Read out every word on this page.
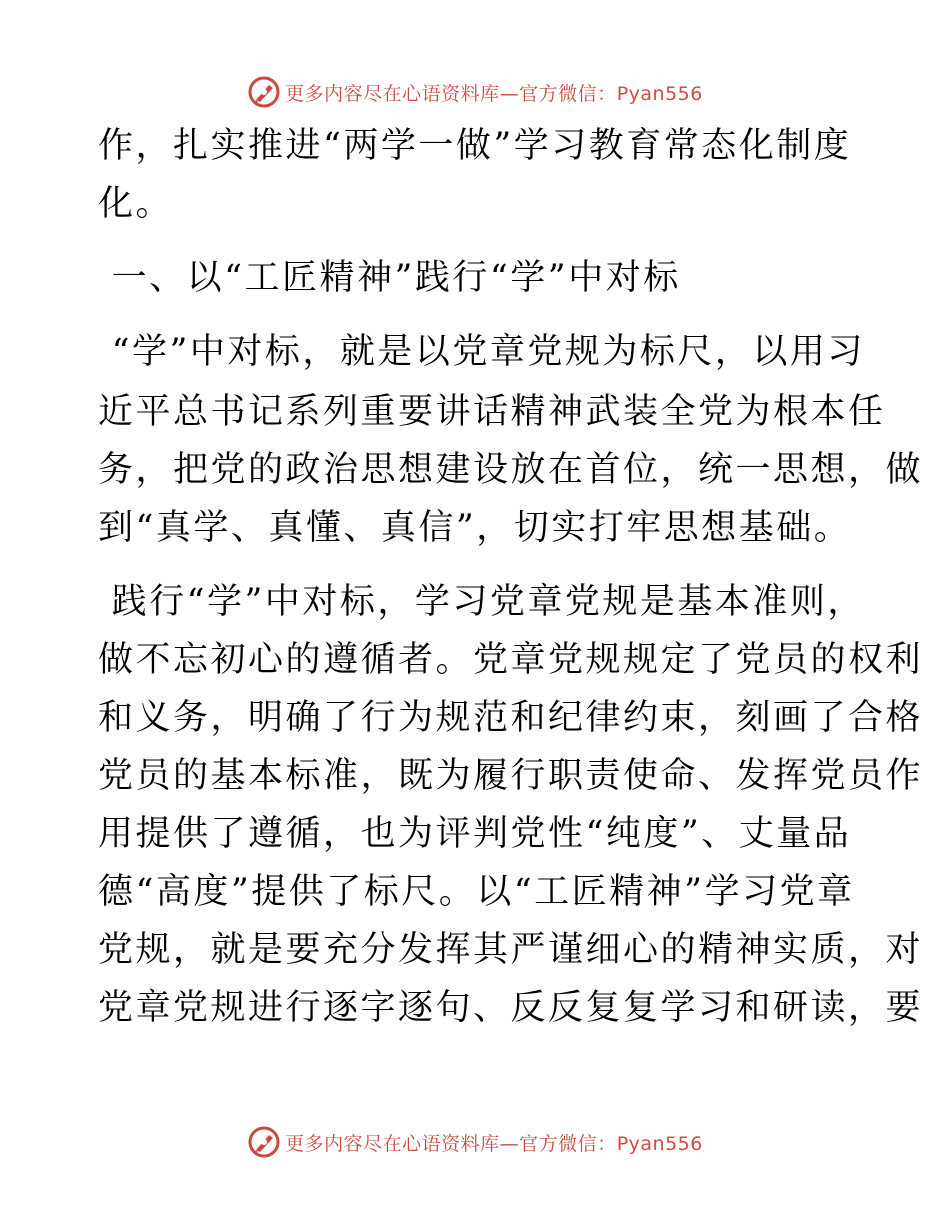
更多内容尽在心语资料库—官方微信：Pyan556
作，扎实推进“两学一做”学习教育常态化制度
化。
一、以“工匠精神”践行“学”中对标
“学”中对标，就是以党章党规为标尺，以用习
近平总书记系列重要讲话精神武装全党为根本任
务，把党的政治思想建设放在首位，统一思想，做
到“真学、真懂、真信”，切实打牢思想基础。
践行“学”中对标，学习党章党规是基本准则，
做不忘初心的遵循者。党章党规规定了党员的权利
和义务，明确了行为规范和纪律约束，刻画了合格
党员的基本标准，既为履行职责使命、发挥党员作
用提供了遵循，也为评判党性“纯度”、丈量品
德“高度”提供了标尺。以“工匠精神”学习党章
党规，就是要充分发挥其严谨细心的精神实质，对
党章党规进行逐字逐句、反反复复学习和研读，要
更多内容尽在心语资料库—官方微信：Pyan556
